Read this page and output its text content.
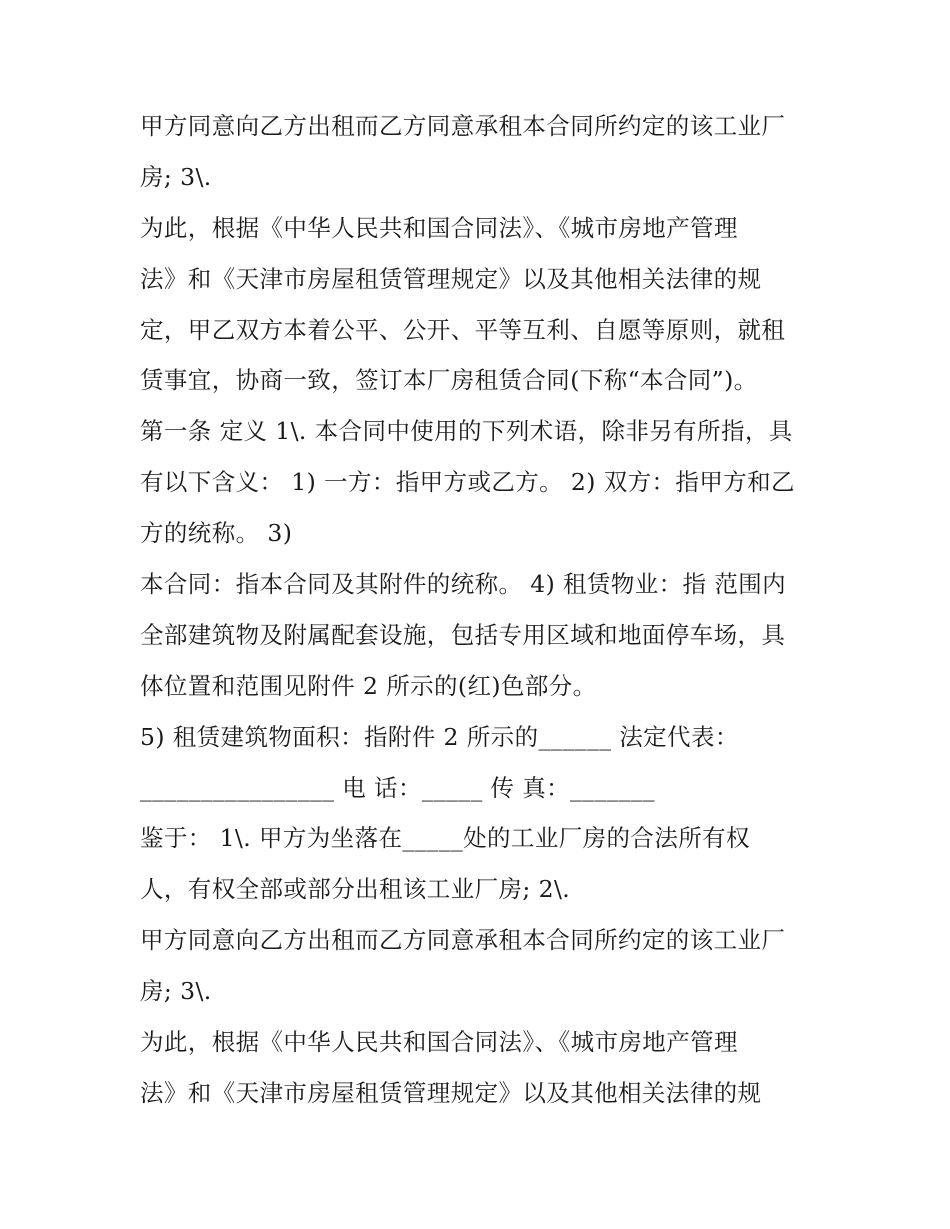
甲方同意向乙方出租而乙方同意承租本合同所约定的该工业厂
房; 3\.
为此，根据《中华人民共和国合同法》、《城市房地产管理
法》和《天津市房屋租赁管理规定》以及其他相关法律的规
定，甲乙双方本着公平、公开、平等互利、自愿等原则，就租
赁事宜，协商一致，签订本厂房租赁合同(下称“本合同”)。
第一条 定义 1\. 本合同中使用的下列术语，除非另有所指，具
有以下含义： 1) 一方：指甲方或乙方。 2) 双方：指甲方和乙
方的统称。 3)
本合同：指本合同及其附件的统称。 4) 租赁物业：指 范围内
全部建筑物及附属配套设施，包括专用区域和地面停车场，具
体位置和范围见附件 2 所示的(红)色部分。
5) 租赁建筑物面积：指附件 2 所示的______ 法定代表：
________________ 电 话：_____ 传 真：_______
鉴于： 1\. 甲方为坐落在_____处的工业厂房的合法所有权
人，有权全部或部分出租该工业厂房; 2\.
甲方同意向乙方出租而乙方同意承租本合同所约定的该工业厂
房; 3\.
为此，根据《中华人民共和国合同法》、《城市房地产管理
法》和《天津市房屋租赁管理规定》以及其他相关法律的规
